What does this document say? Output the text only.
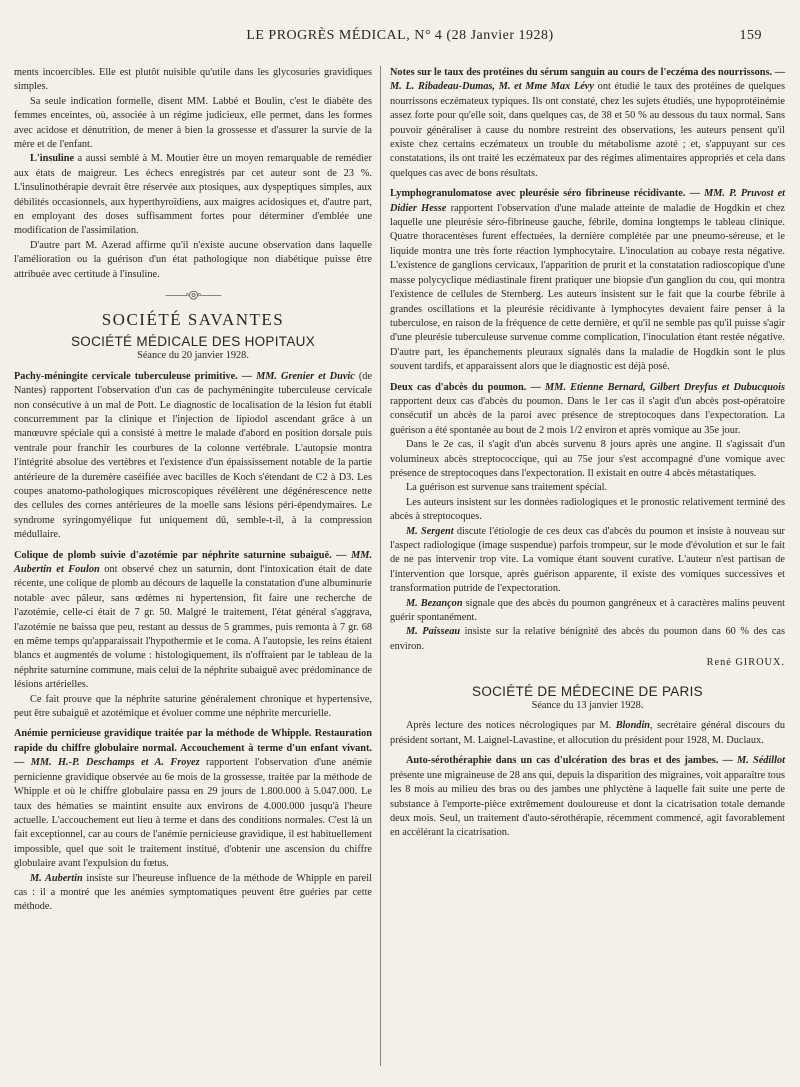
LE PROGRÈS MÉDICAL, N° 4 (28 Janvier 1928)	159

ments incoercibles. Elle est plutôt nuisible qu'utile dans les glycosuries gravidiques simples.

Sa seule indication formelle, disent MM. Labbé et Boulin, c'est le diabète des femmes enceintes, où, associée à un régime judicieux, elle permet, dans les formes avec acidose et dénutrition, de mener à bien la grossesse et d'assurer la survie de la mère et de l'enfant.

L'insuline a aussi semblé à M. Moutier être un moyen remarquable de remédier aux états de maigreur. Les échecs enregistrés par cet auteur sont de 23 %. L'insulinothérapie devrait être réservée aux ptosiques, aux dyspeptiques simples, aux débilités occasionnels, aux hyperthyroïdiens, aux maigres acidosiques et, d'autre part, en employant des doses suffisamment fortes pour déterminer d'emblée une modification de l'assimilation.

D'autre part M. Azerad affirme qu'il n'existe aucune observation dans laquelle l'amélioration ou la guérison d'un état pathologique non diabétique puisse être attribuée avec certitude à l'insuline.

——◦◎◦——
SOCIÉTÉ SAVANTES
SOCIÉTÉ MÉDICALE DES HOPITAUX
Séance du 20 janvier 1928.

Pachy-méningite cervicale tuberculeuse primitive. — MM. Grenier et Duvic (de Nantes) rapportent l'observation d'un cas de pachyméningite tuberculeuse cervicale non consécutive à un mal de Pott. Le diagnostic de localisation de la lésion fut établi concurremment par la clinique et l'injection de lipiodol ascendant grâce à un manœuvre spéciale qui a consisté à mettre le malade d'abord en position dorsale puis ventrale pour franchir les courbures de la colonne vertébrale. L'autopsie montra l'intégrité absolue des vertèbres et l'existence d'un épaississement notable de la partie antérieure de la duremère caséifiée avec bacilles de Koch s'étendant de C2 à D3. Les coupes anatomo-pathologiques microscopiques révélèrent une dégénérescence nette des cellules des cornes antérieures de la moelle sans lésions péri-épendymaires. Le syndrome syringomyélique fut uniquement dû, semble-t-il, à la compression médullaire.

Colique de plomb suivie d'azotémie par néphrite saturnine subaiguë. — MM. Aubertin et Foulon ont observé chez un saturnin, dont l'intoxication était de date récente, une colique de plomb au décours de laquelle la constatation d'une albuminurie notable avec pâleur, sans œdèmes ni hypertension, fit faire une recherche de l'azotémie, celle-ci était de 7 gr. 50. Malgré le traitement, l'état général s'aggrava, l'azotémie ne baissa que peu, restant au dessus de 5 grammes, puis remonta à 7 gr. 68 en même temps qu'apparaissait l'hypothermie et le coma. A l'autopsie, les reins étaient blancs et augmentés de volume : histologiquement, ils n'offraient par le tableau de la néphrite saturnine commune, mais celui de la néphrite subaiguë avec prédominance de lésions artérielles.

Ce fait prouve que la néphrite saturine généralement chronique et hypertensive, peut être subaiguë et azotémique et évoluer comme une néphrite mercurielle.

Anémie pernicieuse gravidique traitée par la méthode de Whipple. Restauration rapide du chiffre globulaire normal. Accouchement à terme d'un enfant vivant. — MM. H.-P. Deschamps et A. Froyez rapportent l'observation d'une anémie pernicienne gravidique observée au 6e mois de la grossesse, traitée par la méthode de Whipple et où le chiffre globulaire passa en 29 jours de 1.800.000 à 5.047.000. Le taux des hématies se maintint ensuite aux environs de 4.000.000 jusqu'à l'heure actuelle. L'accouchement eut lieu à terme et dans des conditions normales. C'est là un fait exceptionnel, car au cours de l'anémie pernicieuse gravidique, il est habituellement impossible, quel que soit le traitement institué, d'obtenir une ascension du chiffre globulaire avant l'expulsion du fœtus.

M. Aubertin insiste sur l'heureuse influence de la méthode de Whipple en pareil cas : il a montré que les anémies symptomatiques peuvent être guéries par cette méthode.

Notes sur le taux des protéines du sérum sanguin au cours de l'eczéma des nourrissons. — M. L. Ribadeau-Dumas, M. et Mme Max Lévy ont étudié le taux des protéines de quelques nourrissons eczémateux typiques. Ils ont constaté, chez les sujets étudiés, une hypoprotéinémie assez forte pour qu'elle soit, dans quelques cas, de 38 et 50 % au dessous du taux normal. Sans pouvoir généraliser à cause du nombre restreint des observations, les auteurs pensent qu'il existe chez certains eczémateux un trouble du métabolisme azoté ; et, s'appuyant sur ces constatations, ils ont traité les eczémateux par des régimes alimentaires appropriés et cela dans quelques cas avec de bons résultats.

Lymphogranulomatose avec pleurésie séro fibrineuse récidivante. — MM. P. Pruvost et Didier Hesse rapportent l'observation d'une malade atteinte de maladie de Hogdkin et chez laquelle une pleurésie séro-fibrineuse gauche, fébrile, domina longtemps le tableau clinique. Quatre thoracentèses furent effectuées, la dernière complétée par une pneumo-séreuse, et le liquide montra une très forte réaction lymphocytaire. L'inoculation au cobaye resta négative. L'existence de ganglions cervicaux, l'apparition de prurit et la constatation radioscopique d'une masse polycyclique médiastinale firent pratiquer une biopsie d'un ganglion du cou, qui montra l'existence de cellules de Sternberg. Les auteurs insistent sur le fait que la courbe fébrile à grandes oscillations et la pleurésie récidivante à lymphocytes devaient faire penser à la tuberculose, en raison de la fréquence de cette dernière, et qu'il ne semble pas qu'il puisse s'agir d'une pleurésie tuberculeuse survenue comme complication, l'inoculation étant restée négative. D'autre part, les épanchements pleuraux signalés dans la maladie de Hogdkin sont le plus souvent tardifs, et apparaissent alors que le diagnostic est déjà posé.

Deux cas d'abcès du poumon. — MM. Etienne Bernard, Gilbert Dreyfus et Dubucquois rapportent deux cas d'abcès du poumon. Dans le 1er cas il s'agit d'un abcès post-opératoire consécutif un abcès de la paroi avec présence de streptocoques dans l'expectoration. La guérison a été spontanée au bout de 2 mois 1/2 environ et après vomique au 35e jour.

Dans le 2e cas, il s'agit d'un abcès survenu 8 jours après une angine. Il s'agissait d'un volumineux abcès streptococcique, qui au 75e jour s'est accompagné d'une vomique avec présence de streptocoques dans l'expectoration. Il existait en outre 4 abcès métastatiques.

La guérison est survenue sans traitement spécial.

Les auteurs insistent sur les données radiologiques et le pronostic relativement terminé des abcès à streptocoques.

M. Sergent discute l'étiologie de ces deux cas d'abcès du poumon et insiste à nouveau sur l'aspect radiologique (image suspendue) parfois trompeur, sur le mode d'évolution et sur le fait de ne pas intervenir trop vite. La vomique étant souvent curative. L'auteur n'est partisan de l'intervention que lorsque, après guérison apparente, il existe des vomiques successives et transformation putride de l'expectoration.

M. Bezançon signale que des abcès du poumon gangréneux et à caractères malins peuvent guérir spontanément.

M. Paisseau insiste sur la relative bénignité des abcès du poumon dans 60 % des cas environ.

René GIROUX.
SOCIÉTÉ DE MÉDECINE DE PARIS
Séance du 13 janvier 1928.

Après lecture des notices nécrologiques par M. Blondin, secrétaire général discours du président sortant, M. Laignel-Lavastine, et allocution du président pour 1928, M. Duclaux.

Auto-sérothéraphie dans un cas d'ulcération des bras et des jambes. — M. Sédillot présente une migraineuse de 28 ans qui, depuis la disparition des migraines, voit apparaître tous les 8 mois au milieu des bras ou des jambes une phlyctène à laquelle fait suite une perte de substance à l'emporte-pièce extrêmement douloureuse et dont la cicatrisation totale demande deux mois. Seul, un traitement d'auto-sérothérapie, récemment commencé, agit favorablement en accélérant la cicatrisation.
